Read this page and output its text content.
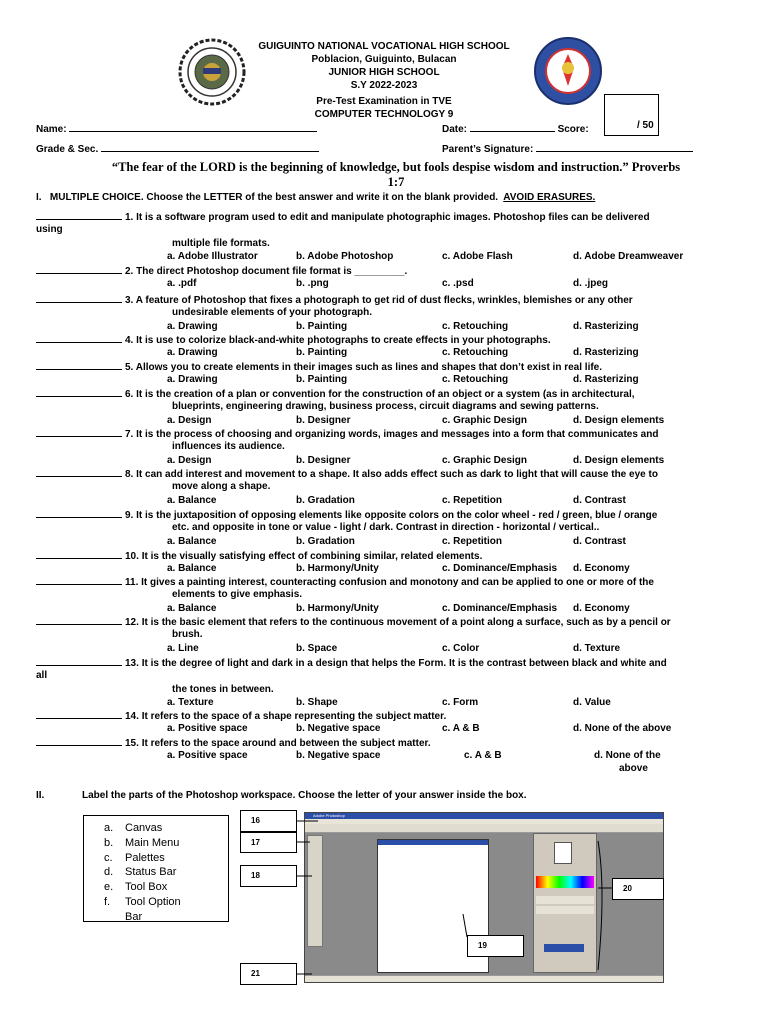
GUIGUINTO NATIONAL VOCATIONAL HIGH SCHOOL
Poblacion, Guiguinto, Bulacan
JUNIOR HIGH SCHOOL
S.Y 2022-2023
Pre-Test Examination in TVE
COMPUTER TECHNOLOGY 9
/ 50
Name:	Date:	Score:
Grade & Sec.	Parent’s Signature:
“The fear of the LORD is the beginning of knowledge, but fools despise wisdom and instruction.” Proverbs
1:7
I. MULTIPLE CHOICE. Choose the LETTER of the best answer and write it on the blank provided. AVOID ERASURES.
1. It is a software program used to edit and manipulate photographic images. Photoshop files can be delivered
using
multiple file formats.
a. Adobe Illustrator	b. Adobe Photoshop	c. Adobe Flash	d. Adobe Dreamweaver
2. The direct Photoshop document file format is _________.
a. .pdf	b. .png	c. .psd	d. .jpeg
3. A feature of Photoshop that fixes a photograph to get rid of dust flecks, wrinkles, blemishes or any other
undesirable elements of your photograph.
a. Drawing	b. Painting	c. Retouching	d. Rasterizing
4. It is use to colorize black-and-white photographs to create effects in your photographs.
a. Drawing	b. Painting	c. Retouching	d. Rasterizing
5. Allows you to create elements in their images such as lines and shapes that don’t exist in real life.
a. Drawing	b. Painting	c. Retouching	d. Rasterizing
6. It is the creation of a plan or convention for the construction of an object or a system (as in architectural,
blueprints, engineering drawing, business process, circuit diagrams and sewing patterns.
a. Design	b. Designer	c. Graphic Design	d. Design elements
7. It is the process of choosing and organizing words, images and messages into a form that communicates and
influences its audience.
a. Design	b. Designer	c. Graphic Design	d. Design elements
8. It can add interest and movement to a shape. It also adds effect such as dark to light that will cause the eye to
move along a shape.
a. Balance	b. Gradation	c. Repetition	d. Contrast
9. It is the juxtaposition of opposing elements like opposite colors on the color wheel - red / green, blue / orange
etc. and opposite in tone or value - light / dark. Contrast in direction - horizontal / vertical..
a. Balance	b. Gradation	c. Repetition	d. Contrast
10. It is the visually satisfying effect of combining similar, related elements.
a. Balance	b. Harmony/Unity	c. Dominance/Emphasis d. Economy
11. It gives a painting interest, counteracting confusion and monotony and can be applied to one or more of the
elements to give emphasis.
a. Balance	b. Harmony/Unity	c. Dominance/Emphasis d. Economy
12. It is the basic element that refers to the continuous movement of a point along a surface, such as by a pencil or
brush.
a. Line	b. Space	c. Color	d. Texture
13. It is the degree of light and dark in a design that helps the Form. It is the contrast between black and white and
all
the tones in between.
a. Texture	b. Shape	c. Form	d. Value
14. It refers to the space of a shape representing the subject matter.
a. Positive space	b. Negative space	c. A & B	d. None of the above
15. It refers to the space around and between the subject matter.
a. Positive space	b. Negative space	c. A & B	d. None of the
above
II.	Label the parts of the Photoshop workspace. Choose the letter of your answer inside the box.
a. Canvas
b. Main Menu
c. Palettes
d. Status Bar
e. Tool Box
f. Tool Option
Bar
Adobe Photoshop
16
17
18
20
19
21
